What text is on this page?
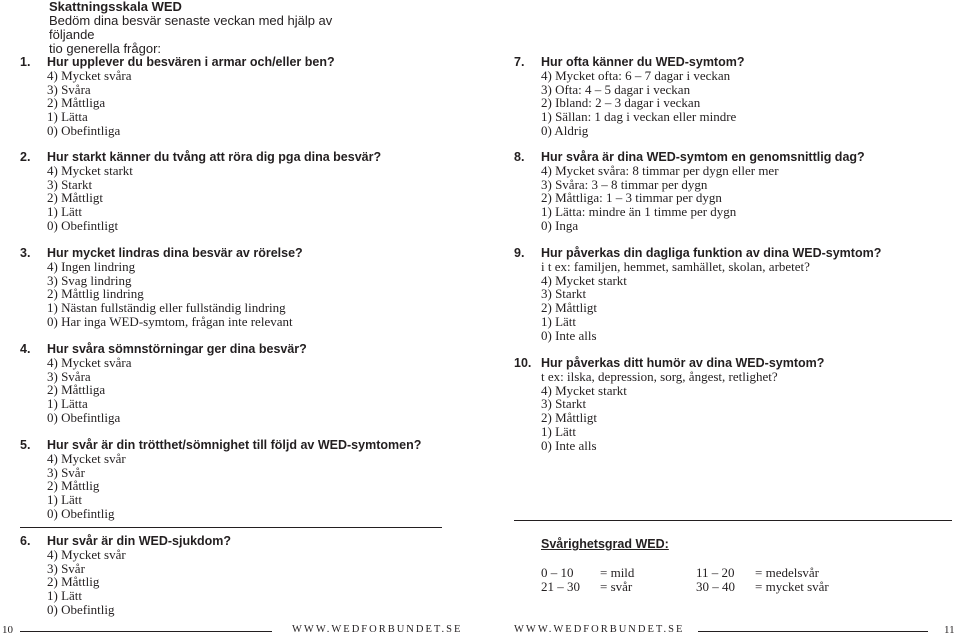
Skattningsskala WED
Bedöm dina besvär senaste veckan med hjälp av följande
tio generella frågor:
1. Hur upplever du besvären i armar och/eller ben?
4) Mycket svåra
3) Svåra
2) Måttliga
1) Lätta
0) Obefintliga
2. Hur starkt känner du tvång att röra dig pga dina besvär?
4) Mycket starkt
3) Starkt
2) Måttligt
1) Lätt
0) Obefintligt
3. Hur mycket lindras dina besvär av rörelse?
4) Ingen lindring
3) Svag lindring
2) Måttlig lindring
1) Nästan fullständig eller fullständig lindring
0) Har inga WED-symtom, frågan inte relevant
4. Hur svåra sömnstörningar ger dina besvär?
4) Mycket svåra
3) Svåra
2) Måttliga
1) Lätta
0) Obefintliga
5. Hur svår är din trötthet/sömnighet till följd av WED-symtomen?
4) Mycket svår
3) Svår
2) Måttlig
1) Lätt
0) Obefintlig
6. Hur svår är din WED-sjukdom?
4) Mycket svår
3) Svår
2) Måttlig
1) Lätt
0) Obefintlig
7. Hur ofta känner du WED-symtom?
4) Mycket ofta: 6 – 7 dagar i veckan
3) Ofta: 4 – 5 dagar i veckan
2) Ibland: 2 – 3 dagar i veckan
1) Sällan: 1 dag i veckan eller mindre
0) Aldrig
8. Hur svåra är dina WED-symtom en genomsnittlig dag?
4) Mycket svåra: 8 timmar per dygn eller mer
3) Svåra: 3 – 8 timmar per dygn
2) Måttliga: 1 – 3 timmar per dygn
1) Lätta: mindre än 1 timme per dygn
0) Inga
9. Hur påverkas din dagliga funktion av dina WED-symtom?
i t ex: familjen, hemmet, samhället, skolan, arbetet?
4) Mycket starkt
3) Starkt
2) Måttligt
1) Lätt
0) Inte alls
10. Hur påverkas ditt humör av dina WED-symtom?
t ex: ilska, depression, sorg, ångest, retlighet?
4) Mycket starkt
3) Starkt
2) Måttligt
1) Lätt
0) Inte alls
Svårighetsgrad WED:
0 – 10 = mild	11 – 20 = medelsvår
21 – 30 = svår	30 – 40 = mycket svår
10	WWW.WEDFORBUNDET.SE	WWW.WEDFORBUNDET.SE	11
